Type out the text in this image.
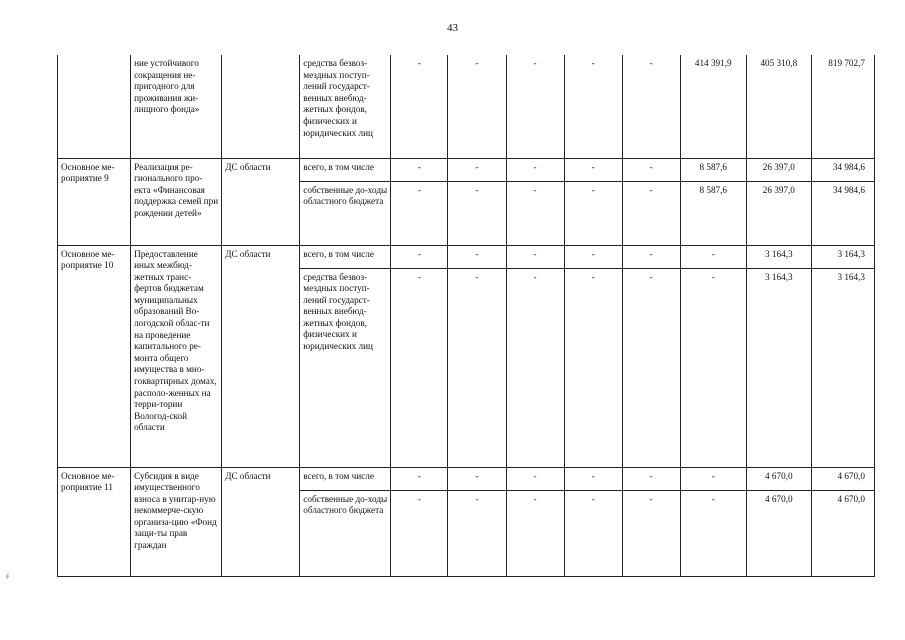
43
	ние устойчивого сокращения не-пригодного для проживания жи-лищного фонда»		средства безвоз-мездных поступ-лений государст-венных внебюд-жетных фондов, физических и юридических лиц	-	-	-	-	-	414 391,9	405 310,8	819 702,7
Основное ме-роприятие 9	Реализация ре-гионального про-екта «Финансовая поддержка семей при рождении детей»	ДС области	всего, в том числе	-	-	-	-	-	8 587,6	26 397,0	34 984,6
			собственные до-ходы областного бюджета	-	-	-	-	-	8 587,6	26 397,0	34 984,6
Основное ме-роприятие 10	Предоставление иных межбюд-жетных транс-фертов бюджетам муниципальных образований Во-логодской облас-ти на проведение капитального ре-монта общего имущества в мно-гоквартирных домах, располо-женных на терри-тории Вологод-ской области	ДС области	всего, в том числе	-	-	-	-	-	-	3 164,3	3 164,3
			средства безвоз-мездных поступ-лений государст-венных внебюд-жетных фондов, физических и юридических лиц	-	-	-	-	-	-	3 164,3	3 164,3
Основное ме-роприятие 11	Субсидия в виде имущественного взноса в унитар-ную некоммерче-скую организа-цию «Фонд защи-ты прав граждан	ДС области	всего, в том числе	-	-	-	-	-	-	4 670,0	4 670,0
			собственные до-ходы областного бюджета	-	-	-	-	-	-	4 670,0	4 670,0
F
